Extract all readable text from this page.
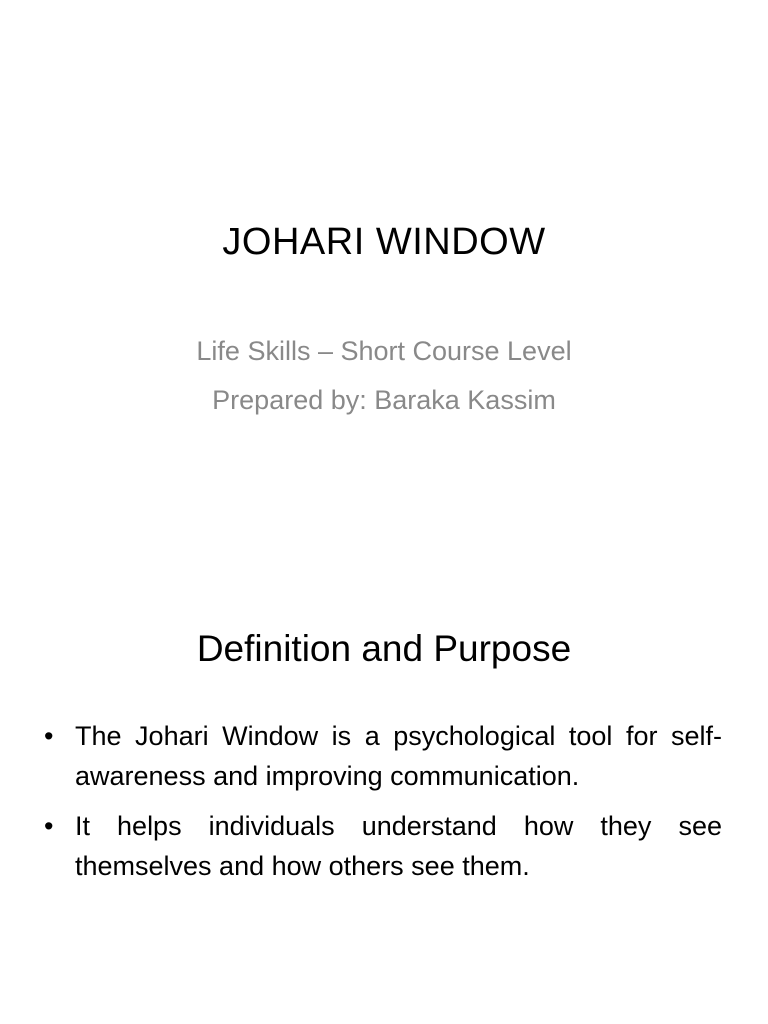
JOHARI WINDOW
Life Skills – Short Course Level
Prepared by: Baraka Kassim
Definition and Purpose
• The Johari Window is a psychological tool for self-awareness and improving communication.
• It helps individuals understand how they see themselves and how others see them.
